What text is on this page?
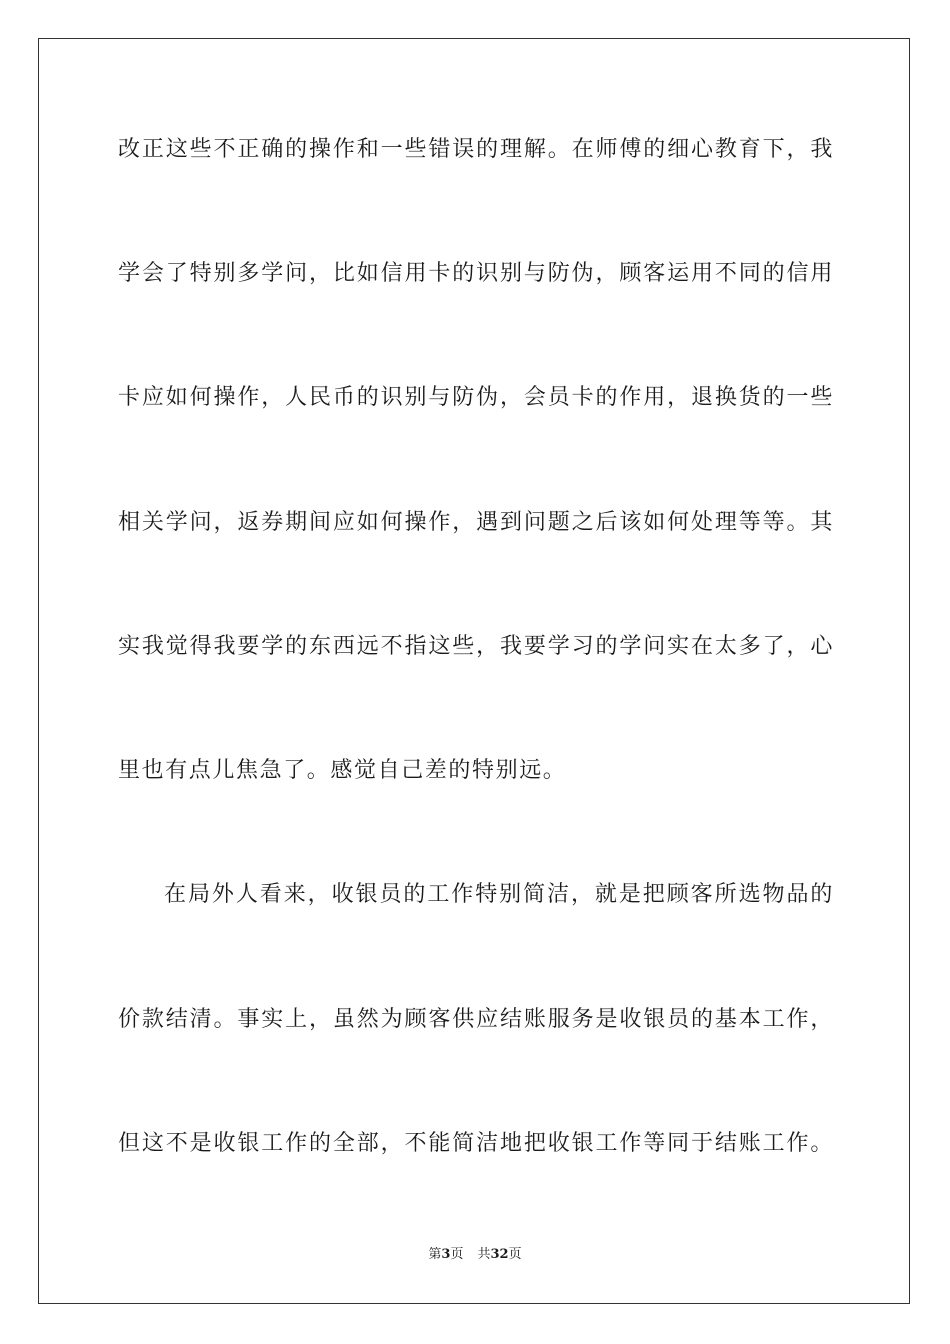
改正这些不正确的操作和一些错误的理解。在师傅的细心教育下，我
学会了特别多学问，比如信用卡的识别与防伪，顾客运用不同的信用
卡应如何操作，人民币的识别与防伪，会员卡的作用，退换货的一些
相关学问，返券期间应如何操作，遇到问题之后该如何处理等等。其
实我觉得我要学的东西远不指这些，我要学习的学问实在太多了，心
里也有点儿焦急了。感觉自己差的特别远。
在局外人看来，收银员的工作特别简洁，就是把顾客所选物品的
价款结清。事实上，虽然为顾客供应结账服务是收银员的基本工作，
但这不是收银工作的全部，不能简洁地把收银工作等同于结账工作。
第3页 共32页
